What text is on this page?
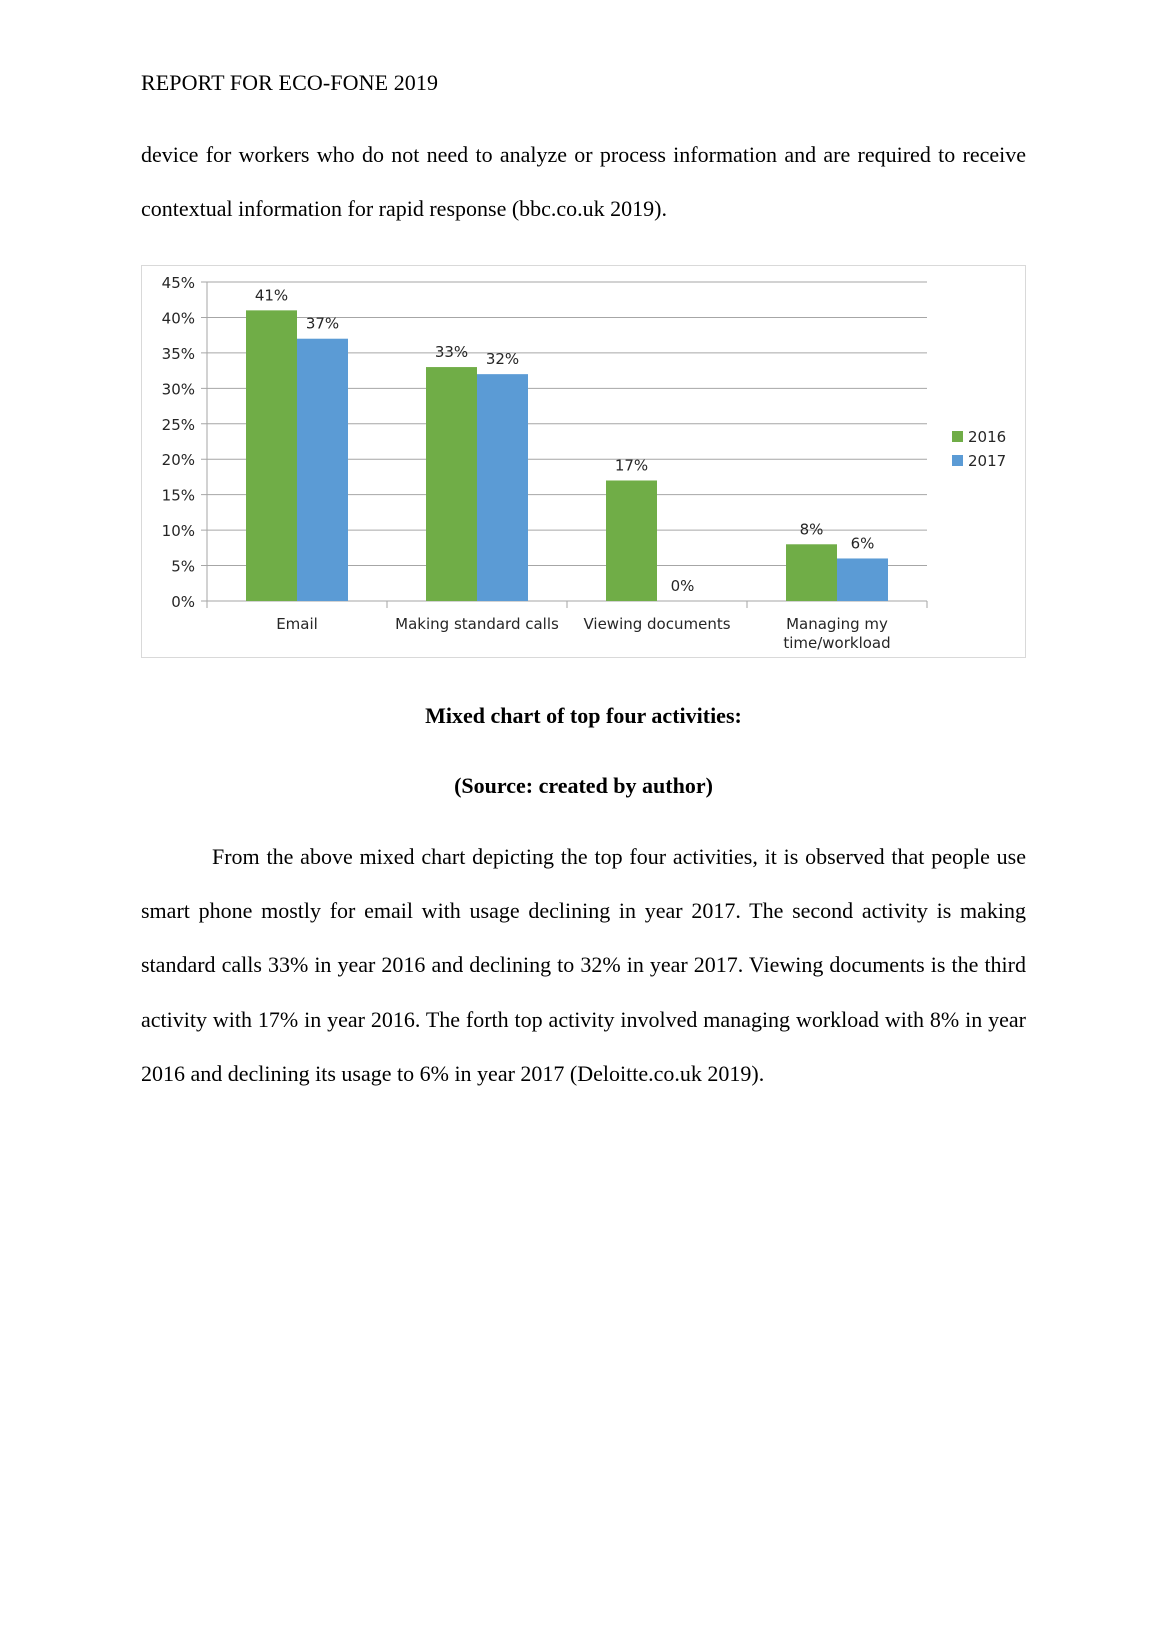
REPORT FOR ECO-FONE 2019

device for workers who do not need to analyze or process information and are required to receive contextual information for rapid response (bbc.co.uk 2019).

0%
5%
10%
15%
20%
25%
30%
35%
40%
45%
41%
37%
Email
33% 32%
Making standard calls
17%
0%
Viewing documents
8%
6%
Managing my
time/workload
2016
2017
Mixed chart of top four activities:
(Source: created by author)

From the above mixed chart depicting the top four activities, it is observed that people use smart phone mostly for email with usage declining in year 2017. The second activity is making standard calls 33% in year 2016 and declining to 32% in year 2017. Viewing documents is the third activity with 17% in year 2016. The forth top activity involved managing workload with 8% in year 2016 and declining its usage to 6% in year 2017 (Deloitte.co.uk 2019).
